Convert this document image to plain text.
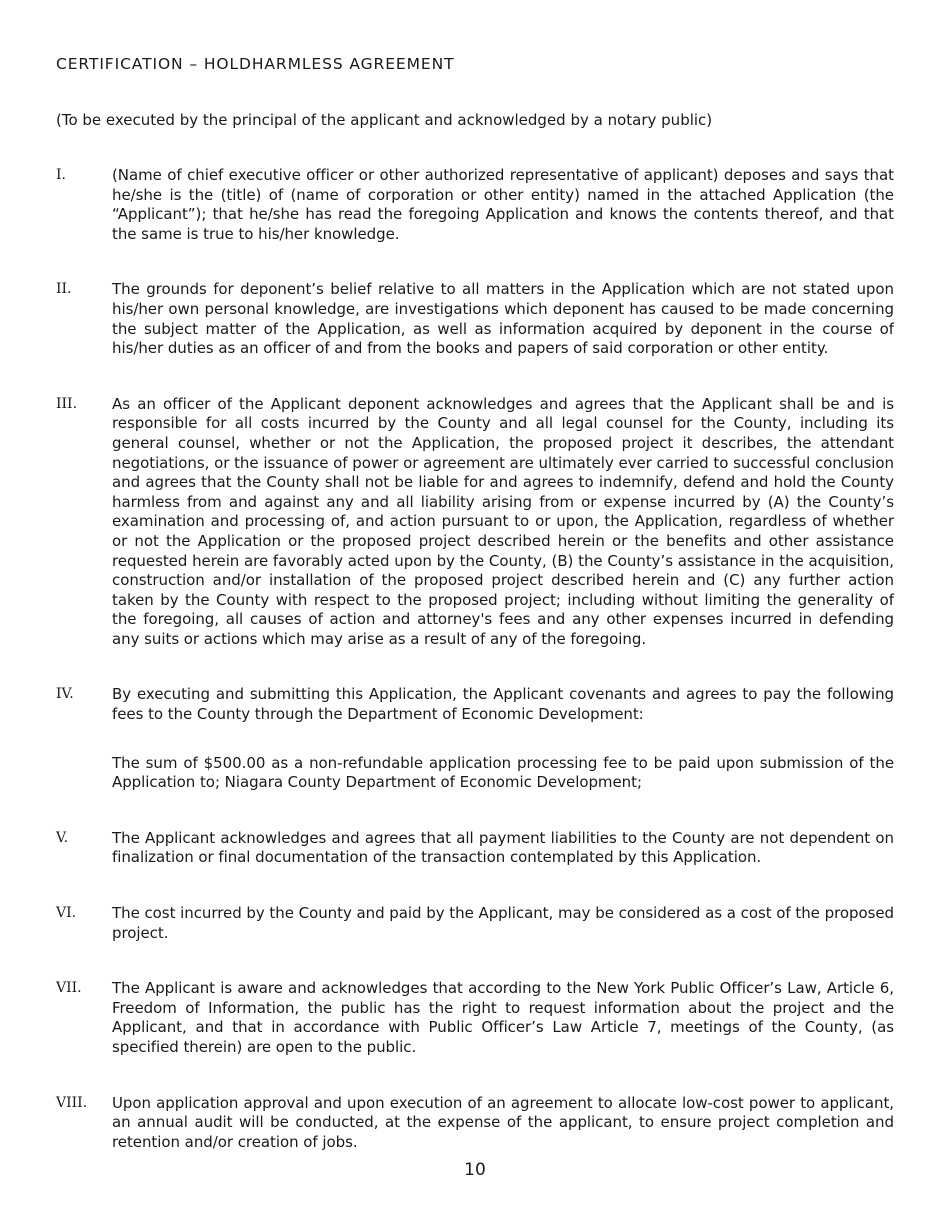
CERTIFICATION – HOLDHARMLESS AGREEMENT
(To be executed by the principal of the applicant and acknowledged by a notary public)
I.	(Name of chief executive officer or other authorized representative of applicant) deposes and says that he/she is the (title) of (name of corporation or other entity) named in the attached Application (the “Applicant”); that he/she has read the foregoing Application and knows the contents thereof, and that the same is true to his/her knowledge.

II.	The grounds for deponent’s belief relative to all matters in the Application which are not stated upon his/her own personal knowledge, are investigations which deponent has caused to be made concerning the subject matter of the Application, as well as information acquired by deponent in the course of his/her duties as an officer of and from the books and papers of said corporation or other entity.

III.	As an officer of the Applicant deponent acknowledges and agrees that the Applicant shall be and is responsible for all costs incurred by the County and all legal counsel for the County, including its general counsel, whether or not the Application, the proposed project it describes, the attendant negotiations, or the issuance of power or agreement are ultimately ever carried to successful conclusion and agrees that the County shall not be liable for and agrees to indemnify, defend and hold the County harmless from and against any and all liability arising from or expense incurred by (A) the County’s examination and processing of, and action pursuant to or upon, the Application, regardless of whether or not the Application or the proposed project described herein or the benefits and other assistance requested herein are favorably acted upon by the County, (B) the County’s assistance in the acquisition, construction and/or installation of the proposed project described herein and (C) any further action taken by the County with respect to the proposed project; including without limiting the generality of the foregoing, all causes of action and attorney's fees and any other expenses incurred in defending any suits or actions which may arise as a result of any of the foregoing.

IV.	By executing and submitting this Application, the Applicant covenants and agrees to pay the following fees to the County through the Department of Economic Development:

The sum of $500.00 as a non-refundable application processing fee to be paid upon submission of the Application to; Niagara County Department of Economic Development;

V.	The Applicant acknowledges and agrees that all payment liabilities to the County are not dependent on finalization or final documentation of the transaction contemplated by this Application.

VI.	The cost incurred by the County and paid by the Applicant, may be considered as a cost of the proposed project.

VII.	The Applicant is aware and acknowledges that according to the New York Public Officer’s Law, Article 6, Freedom of Information, the public has the right to request information about the project and the Applicant, and that in accordance with Public Officer’s Law Article 7, meetings of the County, (as specified therein) are open to the public.

VIII.	Upon application approval and upon execution of an agreement to allocate low-cost power to applicant, an annual audit will be conducted, at the expense of the applicant, to ensure project completion and retention and/or creation of jobs.

10
